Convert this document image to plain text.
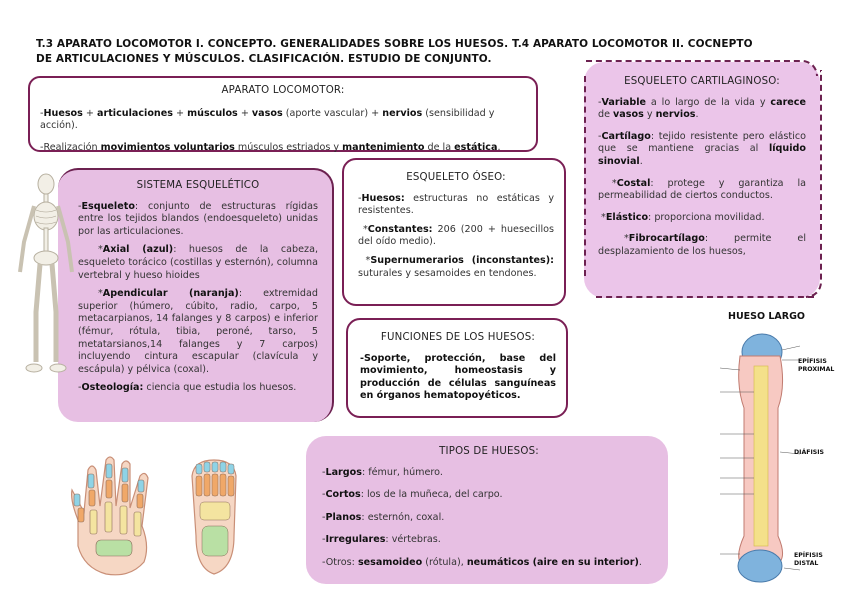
T.3 APARATO LOCOMOTOR I. CONCEPTO. GENERALIDADES SOBRE LOS HUESOS. T.4 APARATO LOCOMOTOR II. COCNEPTO DE ARTICULACIONES Y MÚSCULOS. CLASIFICACIÓN. ESTUDIO DE CONJUNTO.
APARATO LOCOMOTOR:

-Huesos + articulaciones + músculos + vasos (aporte vascular) + nervios (sensibilidad y acción).

-Realización movimientos voluntarios músculos estriados y mantenimiento de la estática.

ESQUELETO CARTILAGINOSO:

-Variable a lo largo de la vida y carece de vasos y nervios.

-Cartílago: tejido resistente pero elástico que se mantiene gracias al líquido sinovial.

*Costal: protege y garantiza la permeabilidad de ciertos conductos.

*Elástico: proporciona movilidad.

*Fibrocartílago: permite el desplazamiento de los huesos,

SISTEMA ESQUELÉTICO

-Esqueleto: conjunto de estructuras rígidas entre los tejidos blandos (endoesqueleto) unidas por las articulaciones.

*Axial (azul): huesos de la cabeza, esqueleto torácico (costillas y esternón), columna vertebral y hueso hioides

*Apendicular (naranja): extremidad superior (húmero, cúbito, radio, carpo, 5 metacarpianos, 14 falanges y 8 carpos) e inferior (fémur, rótula, tibia, peroné, tarso, 5 metatarsianos,14 falanges y 7 carpos) incluyendo cintura escapular (clavícula y escápula) y pélvica (coxal).

-Osteología: ciencia que estudia los huesos.

ESQUELETO ÓSEO:

-Huesos: estructuras no estáticas y resistentes.

*Constantes: 206 (200 + huesecillos del oído medio).

*Supernumerarios (inconstantes): suturales y sesamoides en tendones.

FUNCIONES DE LOS HUESOS:

-Soporte, protección, base del movimiento, homeostasis y producción de células sanguíneas en órganos hematopoyéticos.

TIPOS DE HUESOS:

-Largos: fémur, húmero.

-Cortos: los de la muñeca, del carpo.

-Planos: esternón, coxal.

-Irregulares: vértebras.

-Otros: sesamoideo (rótula), neumáticos (aire en su interior).

HUESO LARGO
EPÍFISIS PROXIMAL
DIÁFISIS
EPÍFISIS DISTAL
